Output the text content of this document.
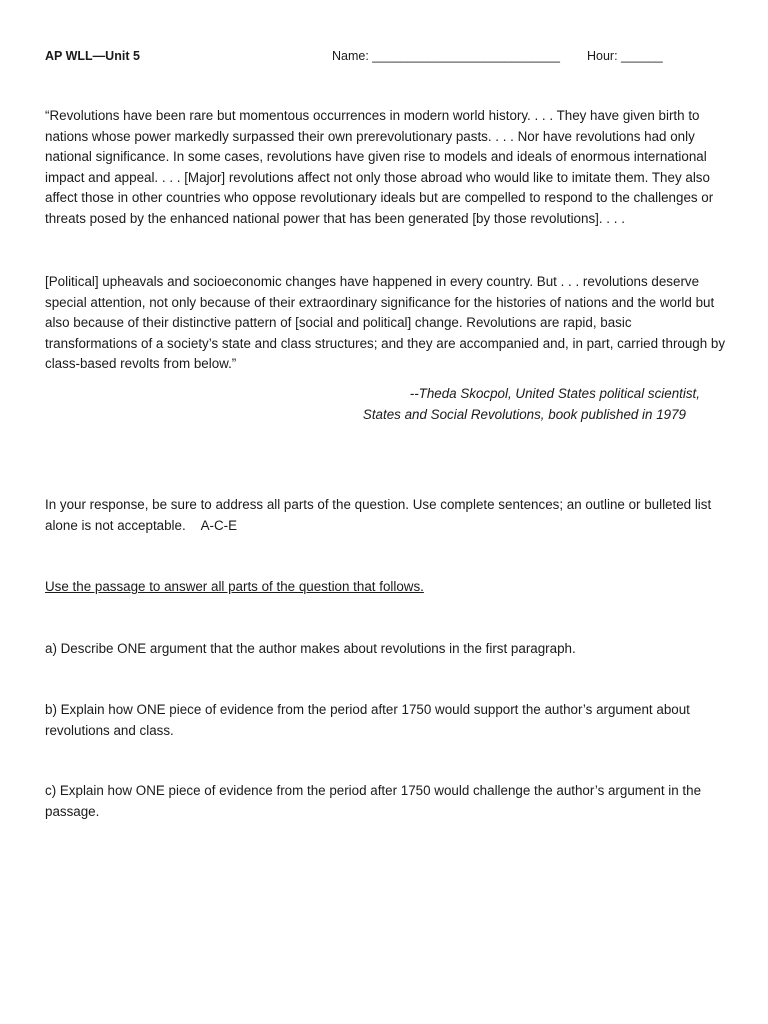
AP WLL—Unit 5	Name: ___________________________ Hour: ______

“Revolutions have been rare but momentous occurrences in modern world history. . . . They have given birth to nations whose power markedly surpassed their own prerevolutionary pasts. . . . Nor have revolutions had only national significance. In some cases, revolutions have given rise to models and ideals of enormous international impact and appeal. . . . [Major] revolutions affect not only those abroad who would like to imitate them. They also affect those in other countries who oppose revolutionary ideals but are compelled to respond to the challenges or threats posed by the enhanced national power that has been generated [by those revolutions]. . . .

[Political] upheavals and socioeconomic changes have happened in every country. But . . . revolutions deserve special attention, not only because of their extraordinary significance for the histories of nations and the world but also because of their distinctive pattern of [social and political] change. Revolutions are rapid, basic transformations of a society’s state and class structures; and they are accompanied and, in part, carried through by class-based revolts from below.”

--Theda Skocpol, United States political scientist,
States and Social Revolutions, book published in 1979

In your response, be sure to address all parts of the question. Use complete sentences; an outline or bulleted list alone is not acceptable. A-C-E

Use the passage to answer all parts of the question that follows.

a) Describe ONE argument that the author makes about revolutions in the first paragraph.

b) Explain how ONE piece of evidence from the period after 1750 would support the author’s argument about revolutions and class.

c) Explain how ONE piece of evidence from the period after 1750 would challenge the author’s argument in the passage.
